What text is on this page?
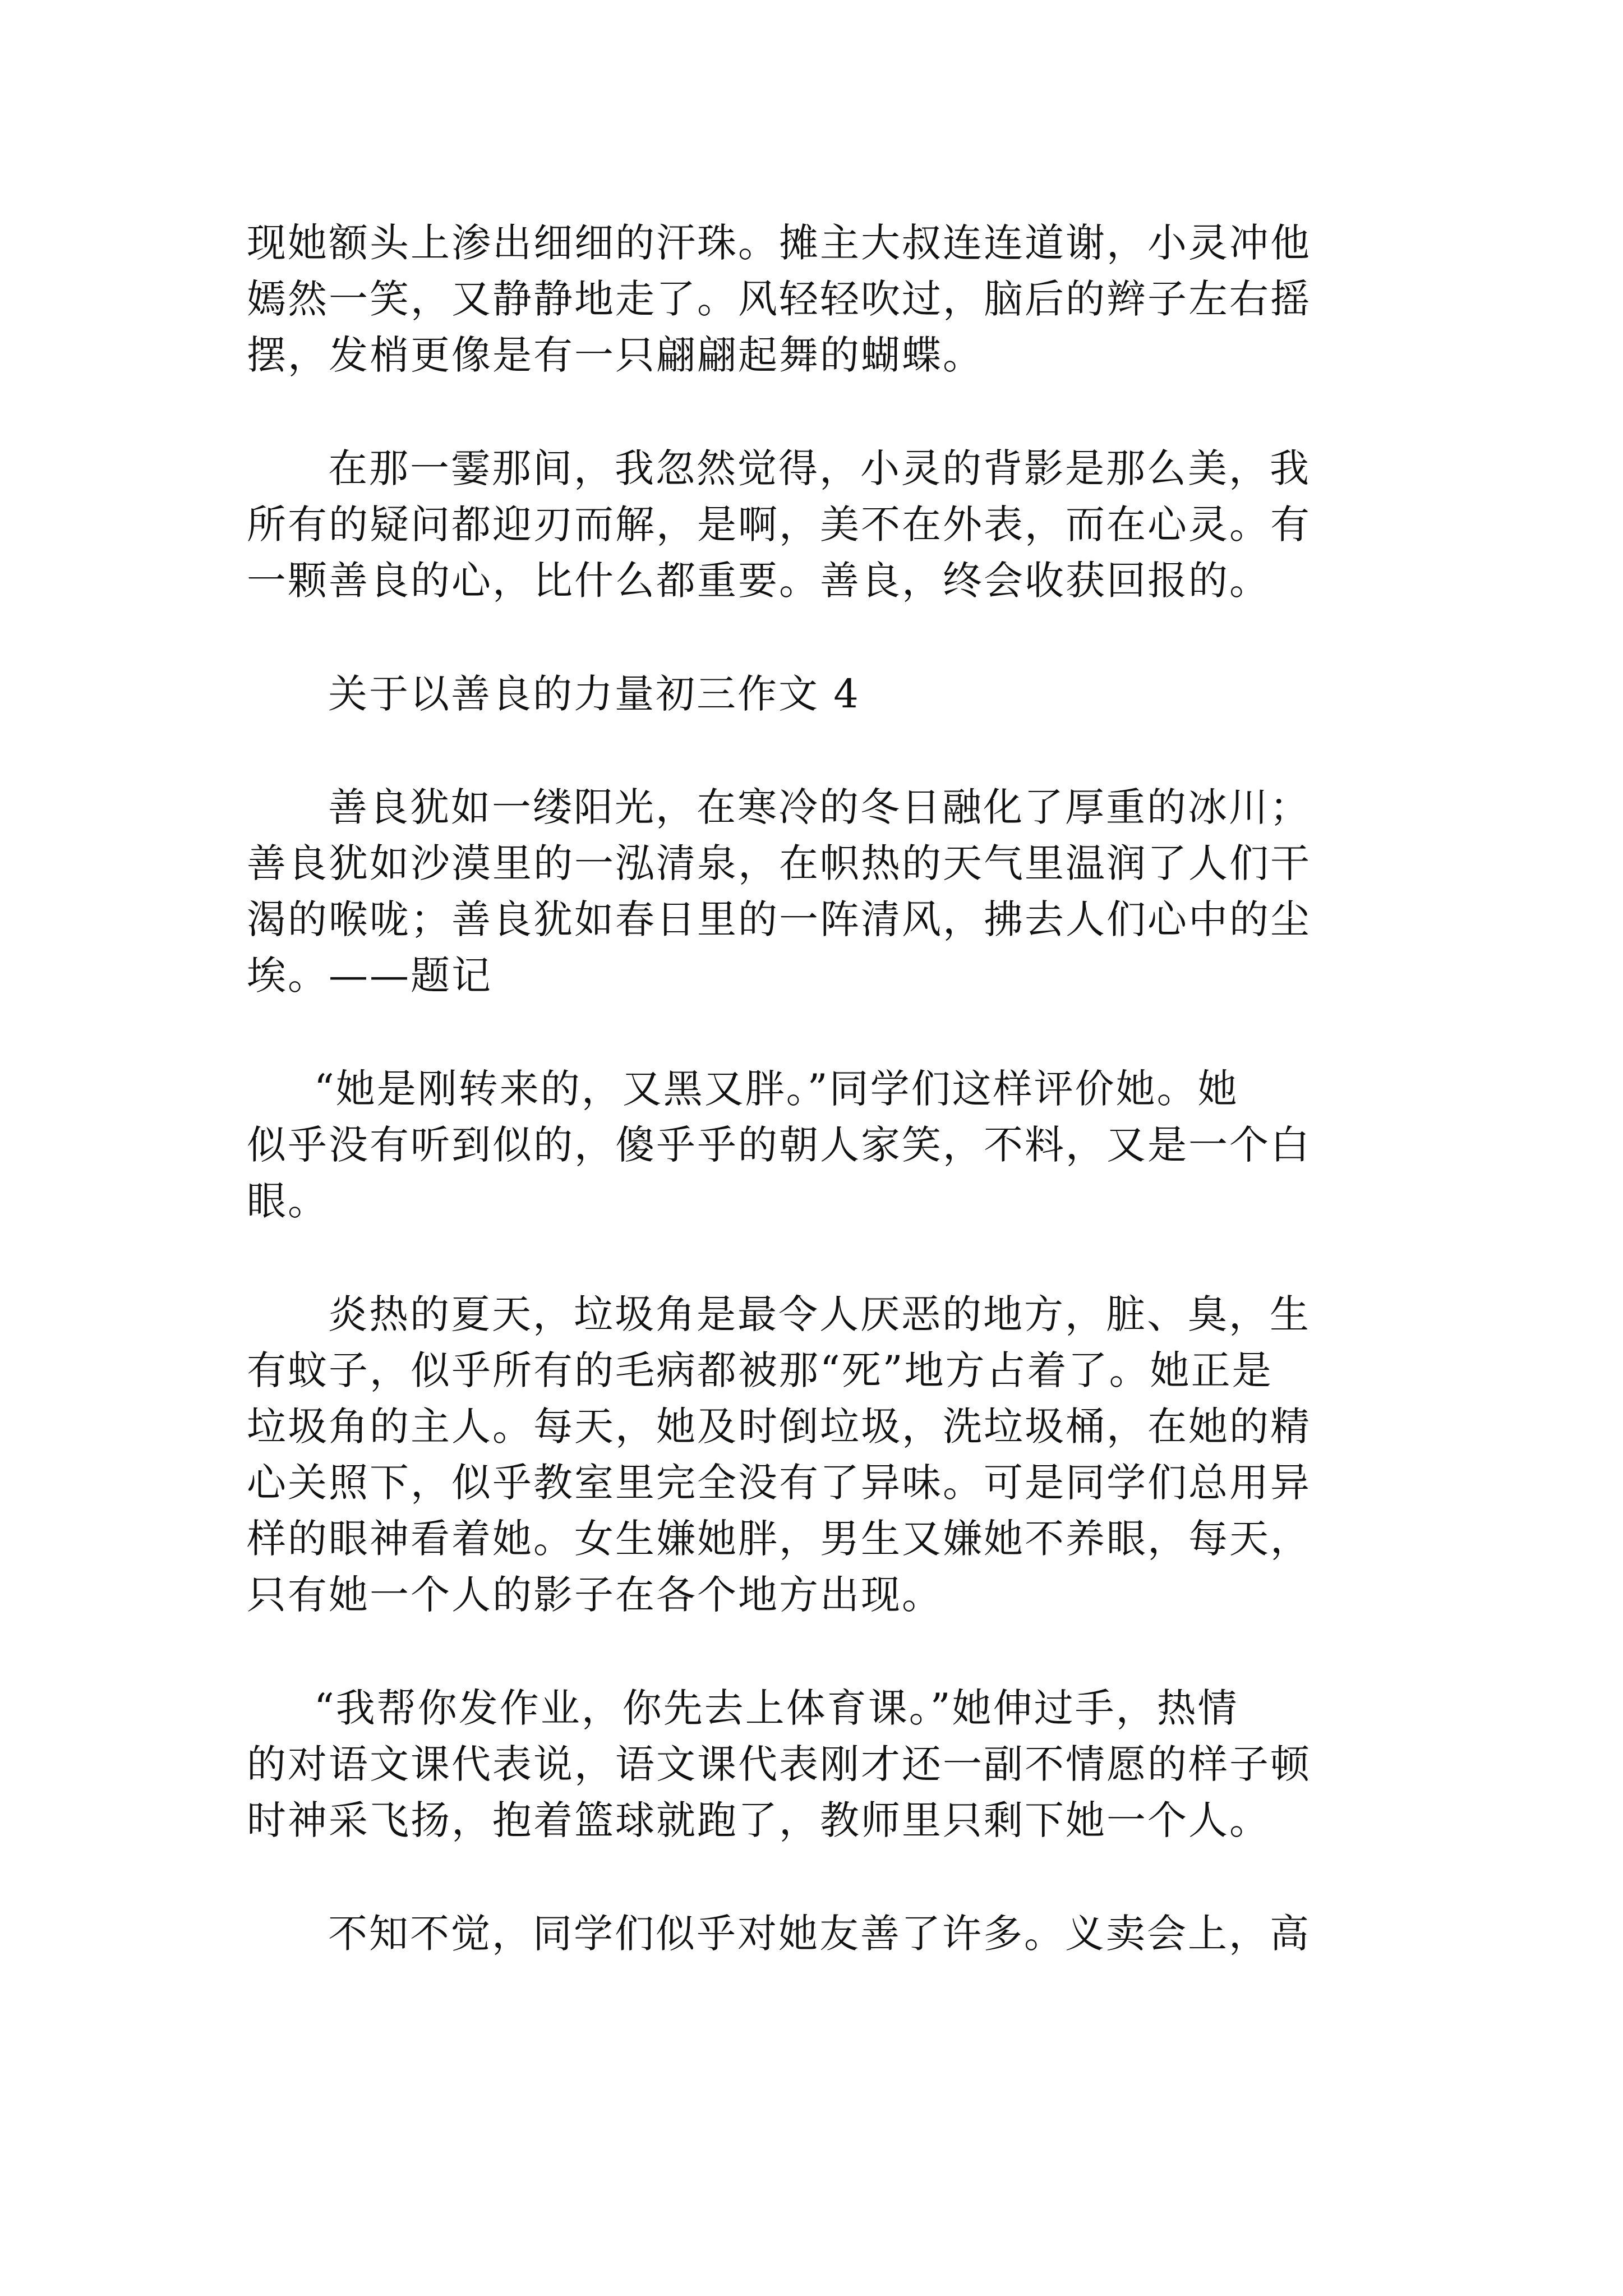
现她额头上渗出细细的汗珠。摊主大叔连连道谢，小灵冲他
嫣然一笑，又静静地走了。风轻轻吹过，脑后的辫子左右摇
摆，发梢更像是有一只翩翩起舞的蝴蝶。
在那一霎那间，我忽然觉得，小灵的背影是那么美，我
所有的疑问都迎刃而解，是啊，美不在外表，而在心灵。有
一颗善良的心，比什么都重要。善良，终会收获回报的。
关于以善良的力量初三作文 4
善良犹如一缕阳光，在寒冷的冬日融化了厚重的冰川；
善良犹如沙漠里的一泓清泉，在帜热的天气里温润了人们干
渴的喉咙；善良犹如春日里的一阵清风，拂去人们心中的尘
埃。——题记
“她是刚转来的，又黑又胖。”同学们这样评价她。她
似乎没有听到似的，傻乎乎的朝人家笑，不料，又是一个白
眼。
炎热的夏天，垃圾角是最令人厌恶的地方，脏、臭，生
有蚊子，似乎所有的毛病都被那“死”地方占着了。她正是
垃圾角的主人。每天，她及时倒垃圾，洗垃圾桶，在她的精
心关照下，似乎教室里完全没有了异味。可是同学们总用异
样的眼神看着她。女生嫌她胖，男生又嫌她不养眼，每天，
只有她一个人的影子在各个地方出现。
“我帮你发作业，你先去上体育课。”她伸过手，热情
的对语文课代表说，语文课代表刚才还一副不情愿的样子顿
时神采飞扬，抱着篮球就跑了，教师里只剩下她一个人。
不知不觉，同学们似乎对她友善了许多。义卖会上，高
